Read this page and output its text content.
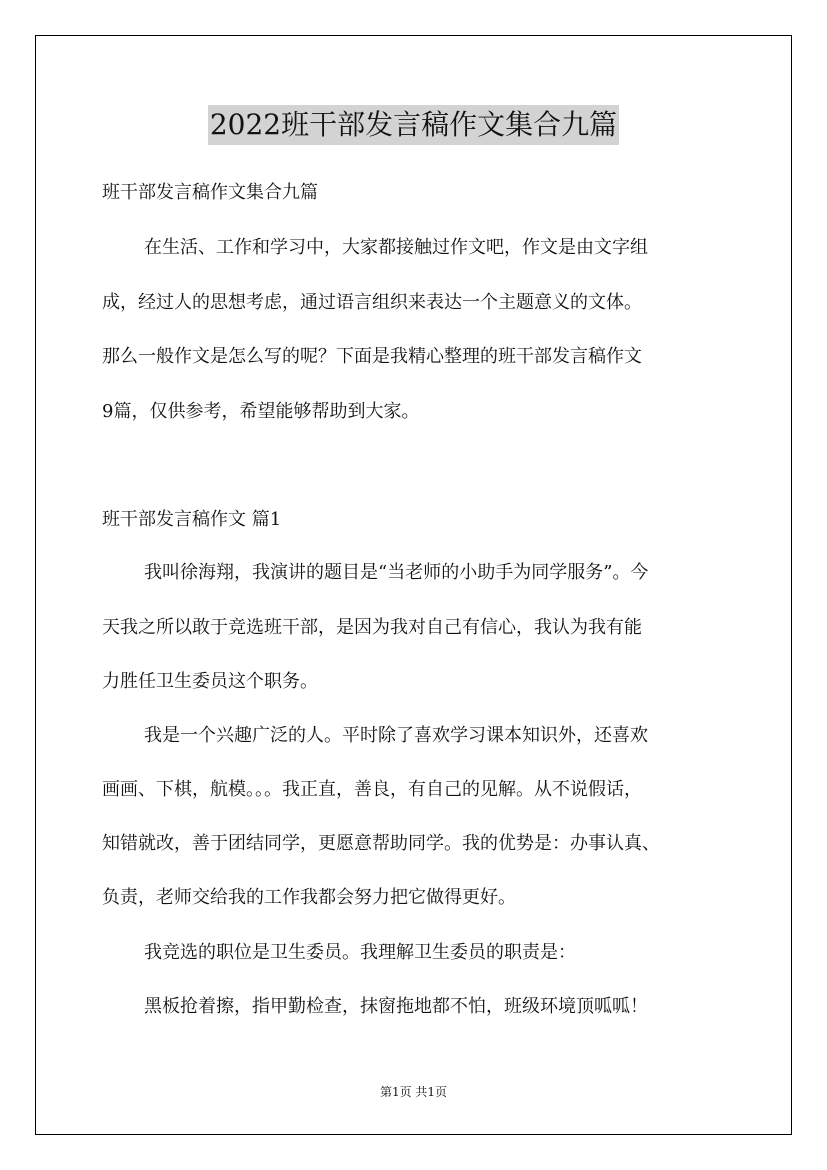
2022班干部发言稿作文集合九篇

班干部发言稿作文集合九篇

在生活、工作和学习中，大家都接触过作文吧，作文是由文字组

成，经过人的思想考虑，通过语言组织来表达一个主题意义的文体。

那么一般作文是怎么写的呢？下面是我精心整理的班干部发言稿作文

9篇，仅供参考，希望能够帮助到大家。

班干部发言稿作文 篇1

我叫徐海翔，我演讲的题目是“当老师的小助手为同学服务”。今

天我之所以敢于竞选班干部，是因为我对自己有信心，我认为我有能

力胜任卫生委员这个职务。

我是一个兴趣广泛的人。平时除了喜欢学习课本知识外，还喜欢

画画、下棋，航模。。。我正直，善良，有自己的见解。从不说假话，

知错就改，善于团结同学，更愿意帮助同学。我的优势是：办事认真、

负责，老师交给我的工作我都会努力把它做得更好。

我竞选的职位是卫生委员。我理解卫生委员的职责是：

黑板抢着擦，指甲勤检查，抹窗拖地都不怕，班级环境顶呱呱！

第1页 共1页
